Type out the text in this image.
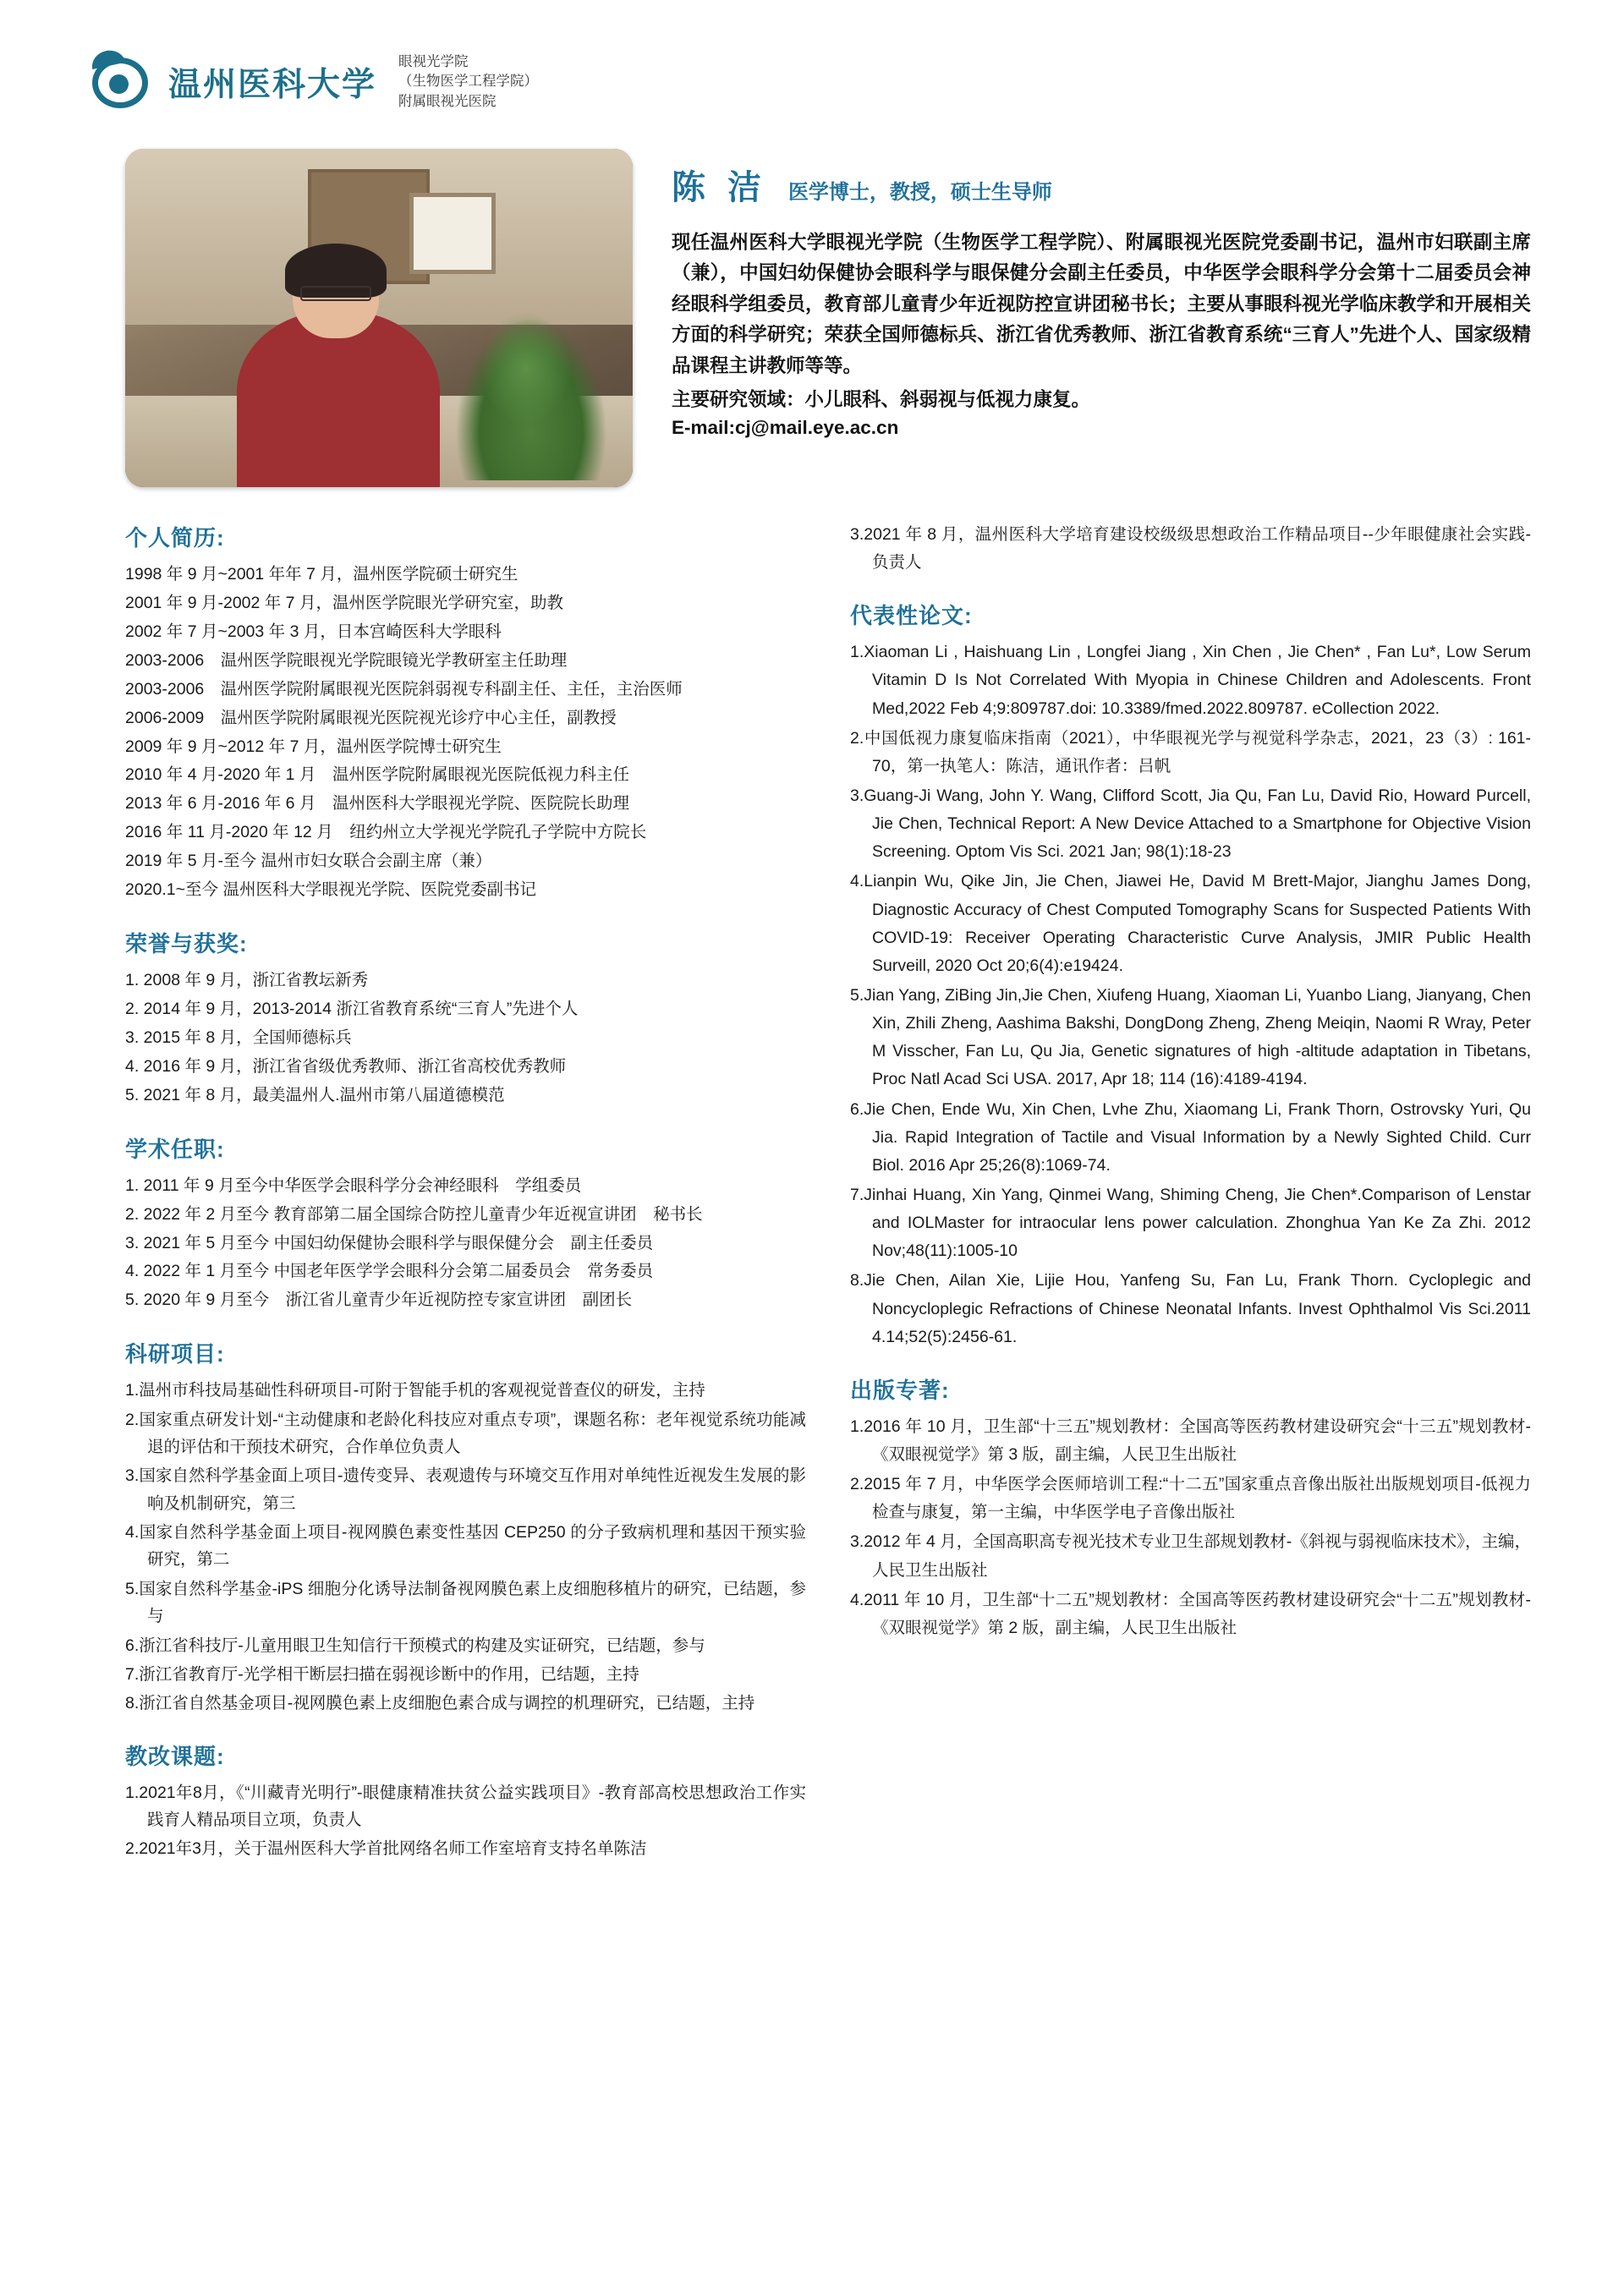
温州医科大学
眼视光学院
（生物医学工程学院）
附属眼视光医院
陈 洁 医学博士，教授，硕士生导师
现任温州医科大学眼视光学院（生物医学工程学院）、附属眼视光医院党委副书记，温州市妇联副主席（兼），中国妇幼保健协会眼科学与眼保健分会副主任委员，中华医学会眼科学分会第十二届委员会神经眼科学组委员，教育部儿童青少年近视防控宣讲团秘书长；主要从事眼科视光学临床教学和开展相关方面的科学研究；荣获全国师德标兵、浙江省优秀教师、浙江省教育系统“三育人”先进个人、国家级精品课程主讲教师等等。
主要研究领域：小儿眼科、斜弱视与低视力康复。
E-mail:cj@mail.eye.ac.cn
个人简历:
1998 年 9 月~2001 年年 7 月，温州医学院硕士研究生
2001 年 9 月-2002 年 7 月，温州医学院眼光学研究室，助教
2002 年 7 月~2003 年 3 月，日本宫崎医科大学眼科
2003-2006　温州医学院眼视光学院眼镜光学教研室主任助理
2003-2006　温州医学院附属眼视光医院斜弱视专科副主任、主任，主治医师
2006-2009　温州医学院附属眼视光医院视光诊疗中心主任，副教授
2009 年 9 月~2012 年 7 月，温州医学院博士研究生
2010 年 4 月-2020 年 1 月　温州医学院附属眼视光医院低视力科主任
2013 年 6 月-2016 年 6 月　温州医科大学眼视光学院、医院院长助理
2016 年 11 月-2020 年 12 月　纽约州立大学视光学院孔子学院中方院长
2019 年 5 月-至今 温州市妇女联合会副主席（兼）
2020.1~至今 温州医科大学眼视光学院、医院党委副书记
荣誉与获奖:
1. 2008 年 9 月，浙江省教坛新秀
2. 2014 年 9 月，2013-2014 浙江省教育系统“三育人”先进个人
3. 2015 年 8 月，全国师德标兵
4. 2016 年 9 月，浙江省省级优秀教师、浙江省高校优秀教师
5. 2021 年 8 月，最美温州人.温州市第八届道德模范
学术任职:
1. 2011 年 9 月至今中华医学会眼科学分会神经眼科　学组委员
2. 2022 年 2 月至今 教育部第二届全国综合防控儿童青少年近视宣讲团　秘书长
3. 2021 年 5 月至今 中国妇幼保健协会眼科学与眼保健分会　副主任委员
4. 2022 年 1 月至今 中国老年医学学会眼科分会第二届委员会　常务委员
5. 2020 年 9 月至今　浙江省儿童青少年近视防控专家宣讲团　副团长
科研项目:
1.温州市科技局基础性科研项目-可附于智能手机的客观视觉普查仪的研发，主持
2.国家重点研发计划-“主动健康和老龄化科技应对重点专项”，课题名称：老年视觉系统功能减退的评估和干预技术研究，合作单位负责人
3.国家自然科学基金面上项目-遗传变异、表观遗传与环境交互作用对单纯性近视发生发展的影响及机制研究，第三
4.国家自然科学基金面上项目-视网膜色素变性基因 CEP250 的分子致病机理和基因干预实验研究，第二
5.国家自然科学基金-iPS 细胞分化诱导法制备视网膜色素上皮细胞移植片的研究，已结题，参与
6.浙江省科技厅-儿童用眼卫生知信行干预模式的构建及实证研究，已结题，参与
7.浙江省教育厅-光学相干断层扫描在弱视诊断中的作用，已结题，主持
8.浙江省自然基金项目-视网膜色素上皮细胞色素合成与调控的机理研究，已结题，主持
教改课题:
1.2021年8月，《“川藏青光明行”-眼健康精准扶贫公益实践项目》-教育部高校思想政治工作实践育人精品项目立项，负责人
2.2021年3月，关于温州医科大学首批网络名师工作室培育支持名单陈洁
3.2021 年 8 月，温州医科大学培育建设校级级思想政治工作精品项目--少年眼健康社会实践-负责人
代表性论文:
1.Xiaoman Li , Haishuang Lin , Longfei Jiang , Xin Chen , Jie Chen* , Fan Lu*, Low Serum Vitamin D Is Not Correlated With Myopia in Chinese Children and Adolescents. Front Med,2022 Feb 4;9:809787.doi: 10.3389/fmed.2022.809787. eCollection 2022.
2.中国低视力康复临床指南（2021），中华眼视光学与视觉科学杂志，2021，23（3）: 161-70，第一执笔人：陈洁，通讯作者：吕帆
3.Guang-Ji Wang, John Y. Wang, Clifford Scott, Jia Qu, Fan Lu, David Rio, Howard Purcell, Jie Chen, Technical Report: A New Device Attached to a Smartphone for Objective Vision Screening. Optom Vis Sci. 2021 Jan; 98(1):18-23
4.Lianpin Wu, Qike Jin, Jie Chen, Jiawei He, David M Brett-Major, Jianghu James Dong, Diagnostic Accuracy of Chest Computed Tomography Scans for Suspected Patients With COVID-19: Receiver Operating Characteristic Curve Analysis, JMIR Public Health Surveill, 2020 Oct 20;6(4):e19424.
5.Jian Yang, ZiBing Jin,Jie Chen, Xiufeng Huang, Xiaoman Li, Yuanbo Liang, Jianyang, Chen Xin, Zhili Zheng, Aashima Bakshi, DongDong Zheng, Zheng Meiqin, Naomi R Wray, Peter M Visscher, Fan Lu, Qu Jia, Genetic signatures of high -altitude adaptation in Tibetans, Proc Natl Acad Sci USA. 2017, Apr 18; 114 (16):4189-4194.
6.Jie Chen, Ende Wu, Xin Chen, Lvhe Zhu, Xiaomang Li, Frank Thorn, Ostrovsky Yuri, Qu Jia. Rapid Integration of Tactile and Visual Information by a Newly Sighted Child. Curr Biol. 2016 Apr 25;26(8):1069-74.
7.Jinhai Huang, Xin Yang, Qinmei Wang, Shiming Cheng, Jie Chen*.Comparison of Lenstar and IOLMaster for intraocular lens power calculation. Zhonghua Yan Ke Za Zhi. 2012 Nov;48(11):1005-10
8.Jie Chen, Ailan Xie, Lijie Hou, Yanfeng Su, Fan Lu, Frank Thorn. Cycloplegic and Noncycloplegic Refractions of Chinese Neonatal Infants. Invest Ophthalmol Vis Sci.2011 4.14;52(5):2456-61.
出版专著:
1.2016 年 10 月，卫生部“十三五”规划教材：全国高等医药教材建设研究会“十三五”规划教材-《双眼视觉学》第 3 版，副主编，人民卫生出版社
2.2015 年 7 月，中华医学会医师培训工程:“十二五”国家重点音像出版社出版规划项目-低视力检查与康复，第一主编，中华医学电子音像出版社
3.2012 年 4 月，全国高职高专视光技术专业卫生部规划教材-《斜视与弱视临床技术》，主编，人民卫生出版社
4.2011 年 10 月，卫生部“十二五”规划教材：全国高等医药教材建设研究会“十二五”规划教材-《双眼视觉学》第 2 版，副主编，人民卫生出版社
